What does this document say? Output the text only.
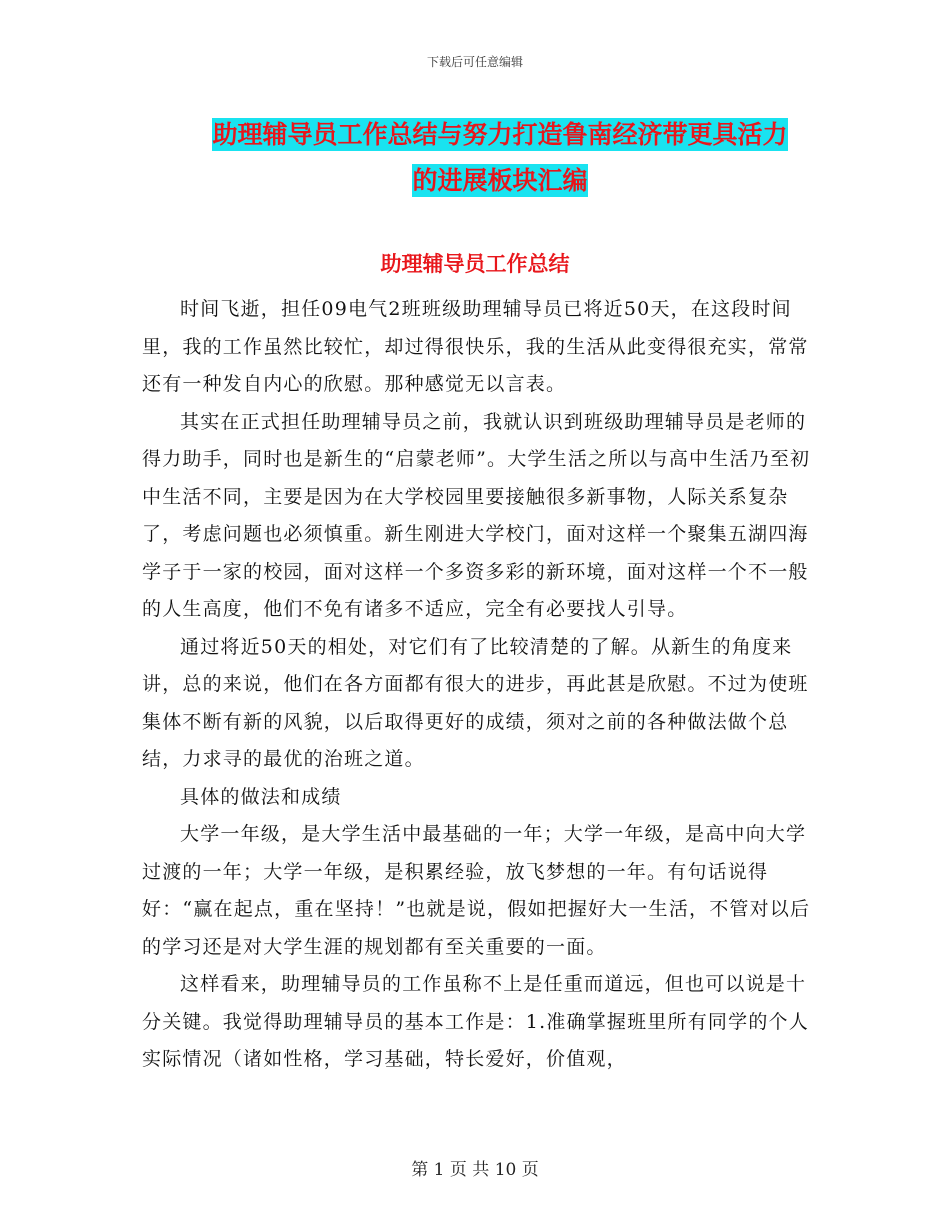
下载后可任意编辑
助理辅导员工作总结与努力打造鲁南经济带更具活力
的进展板块汇编
助理辅导员工作总结

时间飞逝，担任09电气2班班级助理辅导员已将近50天，在这段时间里，我的工作虽然比较忙，却过得很快乐，我的生活从此变得很充实，常常还有一种发自内心的欣慰。那种感觉无以言表。

其实在正式担任助理辅导员之前，我就认识到班级助理辅导员是老师的得力助手，同时也是新生的“启蒙老师”。大学生活之所以与高中生活乃至初中生活不同，主要是因为在大学校园里要接触很多新事物，人际关系复杂了，考虑问题也必须慎重。新生刚进大学校门，面对这样一个聚集五湖四海学子于一家的校园，面对这样一个多资多彩的新环境，面对这样一个不一般的人生高度，他们不免有诸多不适应，完全有必要找人引导。

通过将近50天的相处，对它们有了比较清楚的了解。从新生的角度来讲，总的来说，他们在各方面都有很大的进步，再此甚是欣慰。不过为使班集体不断有新的风貌，以后取得更好的成绩，须对之前的各种做法做个总结，力求寻的最优的治班之道。

具体的做法和成绩

大学一年级，是大学生活中最基础的一年；大学一年级，是高中向大学过渡的一年；大学一年级，是积累经验，放飞梦想的一年。有句话说得好：“赢在起点，重在坚持！”也就是说，假如把握好大一生活，不管对以后的学习还是对大学生涯的规划都有至关重要的一面。

这样看来，助理辅导员的工作虽称不上是任重而道远，但也可以说是十分关键。我觉得助理辅导员的基本工作是：1.准确掌握班里所有同学的个人实际情况（诸如性格，学习基础，特长爱好，价值观，

第 1 页 共 10 页
